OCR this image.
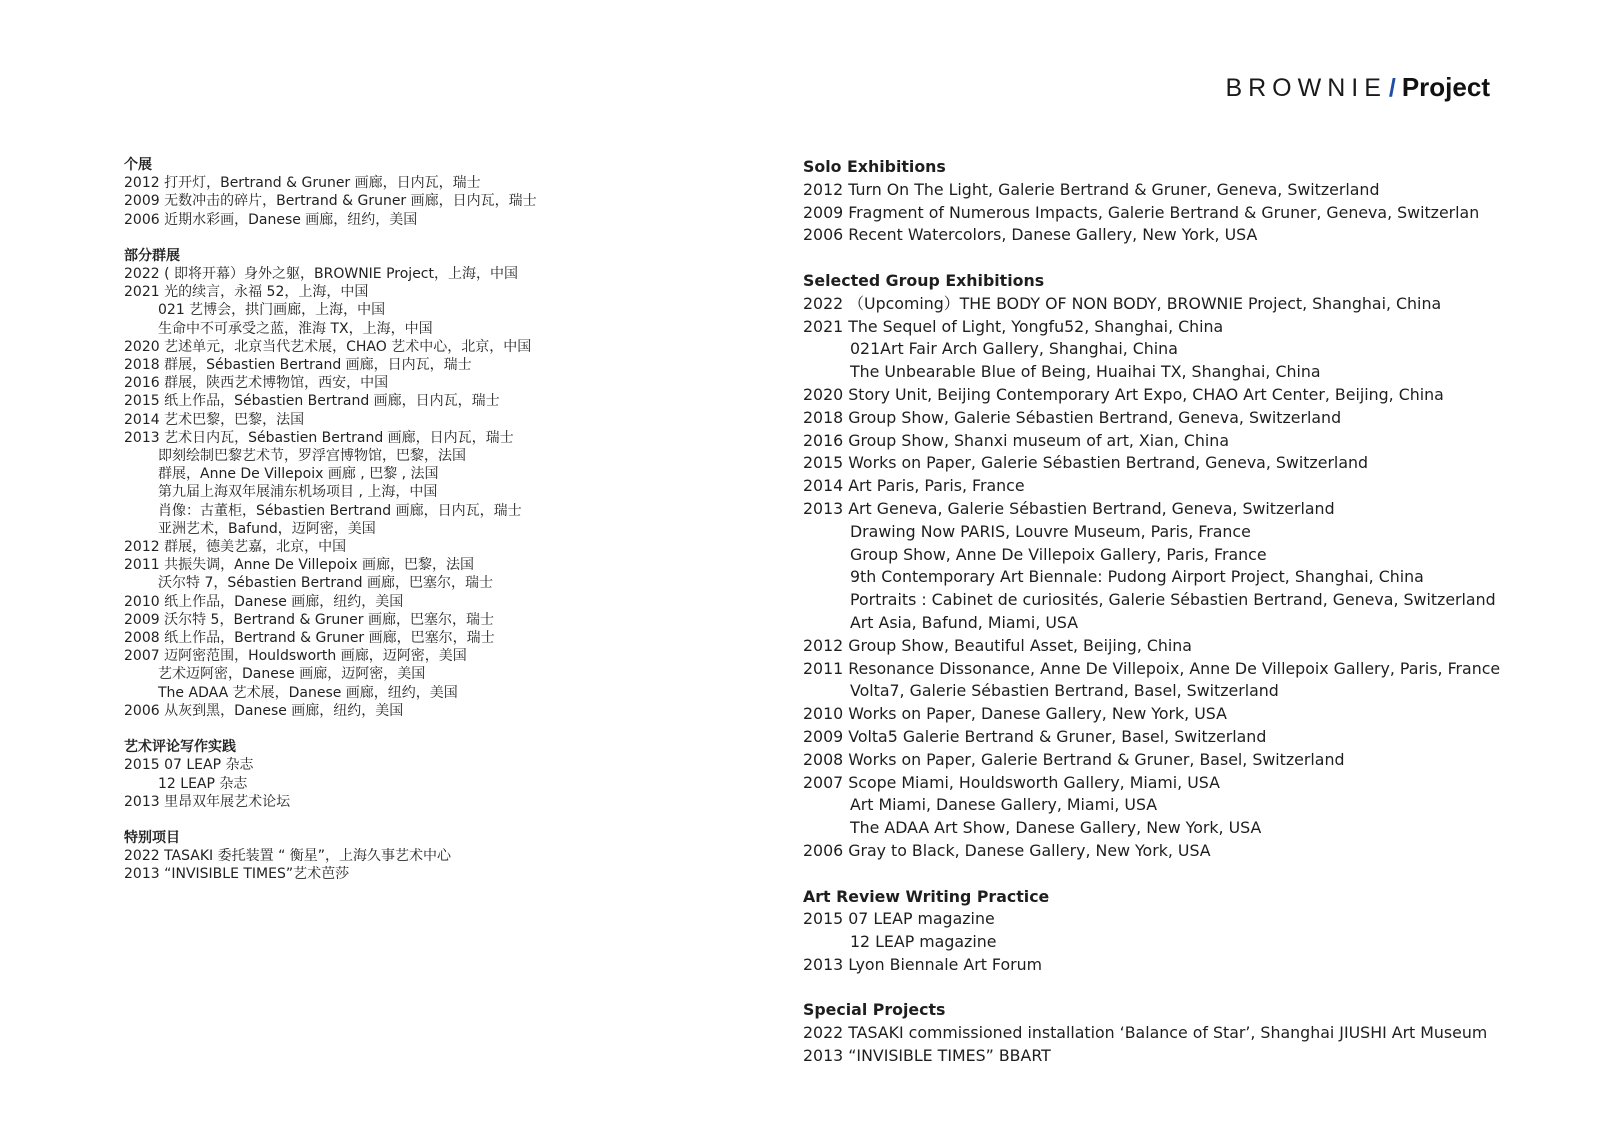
BROWNIE / Project
个展
2012 打开灯，Bertrand & Gruner 画廊，日内瓦，瑞士
2009 无数冲击的碎片，Bertrand & Gruner 画廊，日内瓦，瑞士
2006 近期水彩画，Danese 画廊，纽约，美国
部分群展
2022 ( 即将开幕）身外之躯，BROWNIE Project，上海，中国
2021 光的续言，永福 52，上海，中国
021 艺博会，拱门画廊，上海，中国
生命中不可承受之蓝，淮海 TX，上海，中国
2020 艺述单元，北京当代艺术展，CHAO 艺术中心，北京，中国
2018 群展，Sébastien Bertrand 画廊，日内瓦，瑞士
2016 群展，陕西艺术博物馆，西安，中国
2015 纸上作品，Sébastien Bertrand 画廊，日内瓦，瑞士
2014 艺术巴黎，巴黎，法国
2013 艺术日内瓦，Sébastien Bertrand 画廊，日内瓦，瑞士
即刻绘制巴黎艺术节，罗浮宫博物馆，巴黎，法国
群展，Anne De Villepoix 画廊 , 巴黎 , 法国
第九届上海双年展浦东机场项目 , 上海，中国
肖像：古董柜，Sébastien Bertrand 画廊，日内瓦，瑞士
亚洲艺术，Bafund，迈阿密，美国
2012 群展，德美艺嘉，北京，中国
2011 共振失调，Anne De Villepoix 画廊，巴黎，法国
沃尔特 7，Sébastien Bertrand 画廊，巴塞尔，瑞士
2010 纸上作品，Danese 画廊，纽约，美国
2009 沃尔特 5，Bertrand & Gruner 画廊，巴塞尔，瑞士
2008 纸上作品，Bertrand & Gruner 画廊，巴塞尔，瑞士
2007 迈阿密范围，Houldsworth 画廊，迈阿密，美国
艺术迈阿密，Danese 画廊，迈阿密，美国
The ADAA 艺术展，Danese 画廊，纽约，美国
2006 从灰到黑，Danese 画廊，纽约，美国
艺术评论写作实践
2015 07 LEAP 杂志
12 LEAP 杂志
2013 里昂双年展艺术论坛
特别项目
2022 TASAKI 委托装置 “ 衡星”，上海久事艺术中心
2013 “INVISIBLE TIMES”艺术芭莎
Solo Exhibitions
2012 Turn On The Light, Galerie Bertrand & Gruner, Geneva, Switzerland
2009 Fragment of Numerous Impacts, Galerie Bertrand & Gruner, Geneva, Switzerlan
2006 Recent Watercolors, Danese Gallery, New York, USA
Selected Group Exhibitions
2022 （Upcoming）THE BODY OF NON BODY, BROWNIE Project, Shanghai, China
2021 The Sequel of Light, Yongfu52, Shanghai, China
021Art Fair Arch Gallery, Shanghai, China
The Unbearable Blue of Being, Huaihai TX, Shanghai, China
2020 Story Unit, Beijing Contemporary Art Expo, CHAO Art Center, Beijing, China
2018 Group Show, Galerie Sébastien Bertrand, Geneva, Switzerland
2016 Group Show, Shanxi museum of art, Xian, China
2015 Works on Paper, Galerie Sébastien Bertrand, Geneva, Switzerland
2014 Art Paris, Paris, France
2013 Art Geneva, Galerie Sébastien Bertrand, Geneva, Switzerland
Drawing Now PARIS, Louvre Museum, Paris, France
Group Show, Anne De Villepoix Gallery, Paris, France
9th Contemporary Art Biennale: Pudong Airport Project, Shanghai, China
Portraits : Cabinet de curiosités, Galerie Sébastien Bertrand, Geneva, Switzerland
Art Asia, Bafund, Miami, USA
2012 Group Show, Beautiful Asset, Beijing, China
2011 Resonance Dissonance, Anne De Villepoix, Anne De Villepoix Gallery, Paris, France
Volta7, Galerie Sébastien Bertrand, Basel, Switzerland
2010 Works on Paper, Danese Gallery, New York, USA
2009 Volta5 Galerie Bertrand & Gruner, Basel, Switzerland
2008 Works on Paper, Galerie Bertrand & Gruner, Basel, Switzerland
2007 Scope Miami, Houldsworth Gallery, Miami, USA
Art Miami, Danese Gallery, Miami, USA
The ADAA Art Show, Danese Gallery, New York, USA
2006 Gray to Black, Danese Gallery, New York, USA
Art Review Writing Practice
2015 07 LEAP magazine
12 LEAP magazine
2013 Lyon Biennale Art Forum
Special Projects
2022 TASAKI commissioned installation ‘Balance of Star’, Shanghai JIUSHI Art Museum
2013 “INVISIBLE TIMES” BBART
